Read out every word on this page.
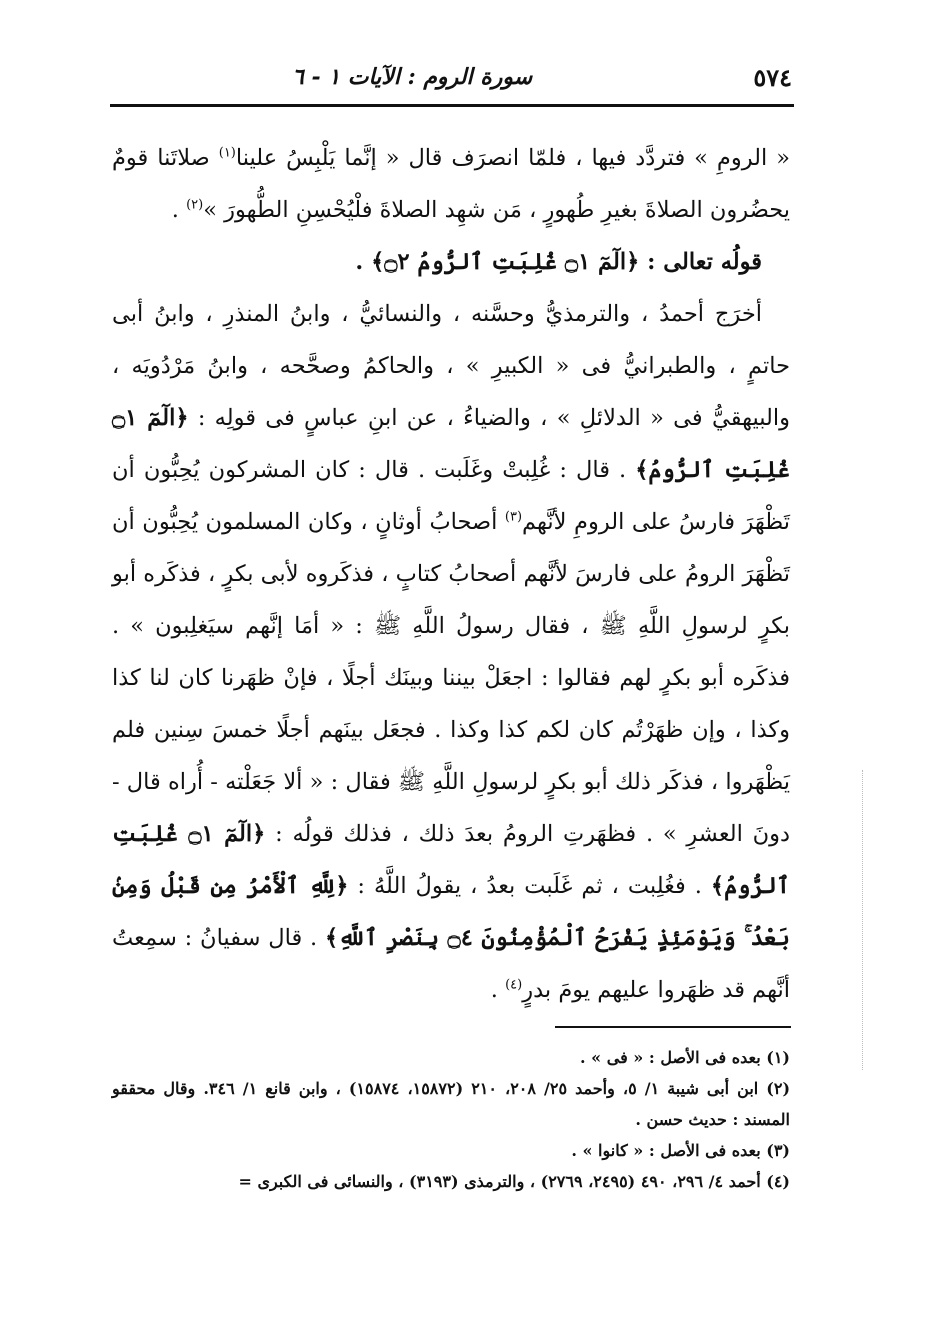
٥٧٤
سورة الروم : الآيات ١ - ٦

« الرومِ » فتردَّد فيها ، فلمّا انصرَف قال « إنَّما يَلْبِسُ علينا$^{(١)}$ صلاتَنا قومٌ يحضُرون الصلاةَ بغيرِ طُهورٍ ، مَن شهِد الصلاةَ فلْيُحْسِنِ الطُّهورَ »$^{(٢)}$ .

قولُه تعالى : ﴿الٓمٓ ۝١ غُلِبَتِ ٱلرُّومُ ۝٢﴾ .

أخرَج أحمدُ ، والترمذيُّ وحسَّنه ، والنسائيُّ ، وابنُ المنذرِ ، وابنُ أبى حاتمٍ ، والطبرانيُّ فى « الكبيرِ » ، والحاكمُ وصحَّحه ، وابنُ مَرْدُويَه ، والبيهقيُّ فى « الدلائلِ » ، والضياءُ ، عن ابنِ عباسٍ فى قولِه : ﴿الٓمٓ ۝١ غُلِبَتِ ٱلرُّومُ﴾ . قال : غُلِبتْ وغَلَبت . قال : كان المشركون يُحِبُّون أن تَظْهَرَ فارسُ على الرومِ لأنَّهم$^{(٣)}$ أصحابُ أوثانٍ ، وكان المسلمون يُحِبُّون أن تَظْهَرَ الرومُ على فارسَ لأنَّهم أصحابُ كتابٍ ، فذكَروه لأبى بكرٍ ، فذكَره أبو بكرٍ لرسولِ اللَّهِ ﷺ ، فقال رسولُ اللَّهِ ﷺ : « أمَا إنَّهم سيَغلِبون » . فذكَره أبو بكرٍ لهم فقالوا : اجعَلْ بيننا وبينَك أجلًا ، فإنْ ظهَرنا كان لنا كذا وكذا ، وإن ظهَرْتُم كان لكم كذا وكذا . فجعَل بينَهم أجلًا خمسَ سِنين فلم يَظْهَروا ، فذكَر ذلك أبو بكرٍ لرسولِ اللَّهِ ﷺ فقال : « ألا جَعَلْته - أُراه قال - دونَ العشرِ » . فظهَرتِ الرومُ بعدَ ذلك ، فذلك قولُه : ﴿الٓمٓ ۝١ غُلِبَتِ ٱلرُّومُ﴾ . فغُلِبت ، ثم غَلَبت بعدُ ، يقولُ اللَّهُ : ﴿لِلَّهِ ٱلْأَمْرُ مِن قَبْلُ وَمِنۢ بَعْدُ ۚ وَيَوْمَئِذٍ يَفْرَحُ ٱلْمُؤْمِنُونَ ۝٤ بِنَصْرِ ٱللَّهِ﴾ . قال سفيانُ : سمِعتُ أنَّهم قد ظهَروا عليهم يومَ بدرٍ$^{(٤)}$ .

(١) بعده فى الأصل : « فى » .

(٢) ابن أبى شيبة ١/ ٥، وأحمد ٢٥/ ٢٠٨، ٢١٠ (١٥٨٧٢، ١٥٨٧٤) ، وابن قانع ١/ ٣٤٦. وقال محققو المسند : حديث حسن .

(٣) بعده فى الأصل : « كانوا » .

(٤) أحمد ٤/ ٢٩٦، ٤٩٠ (٢٤٩٥، ٢٧٦٩) ، والترمذى (٣١٩٣) ، والنسائى فى الكبرى =
